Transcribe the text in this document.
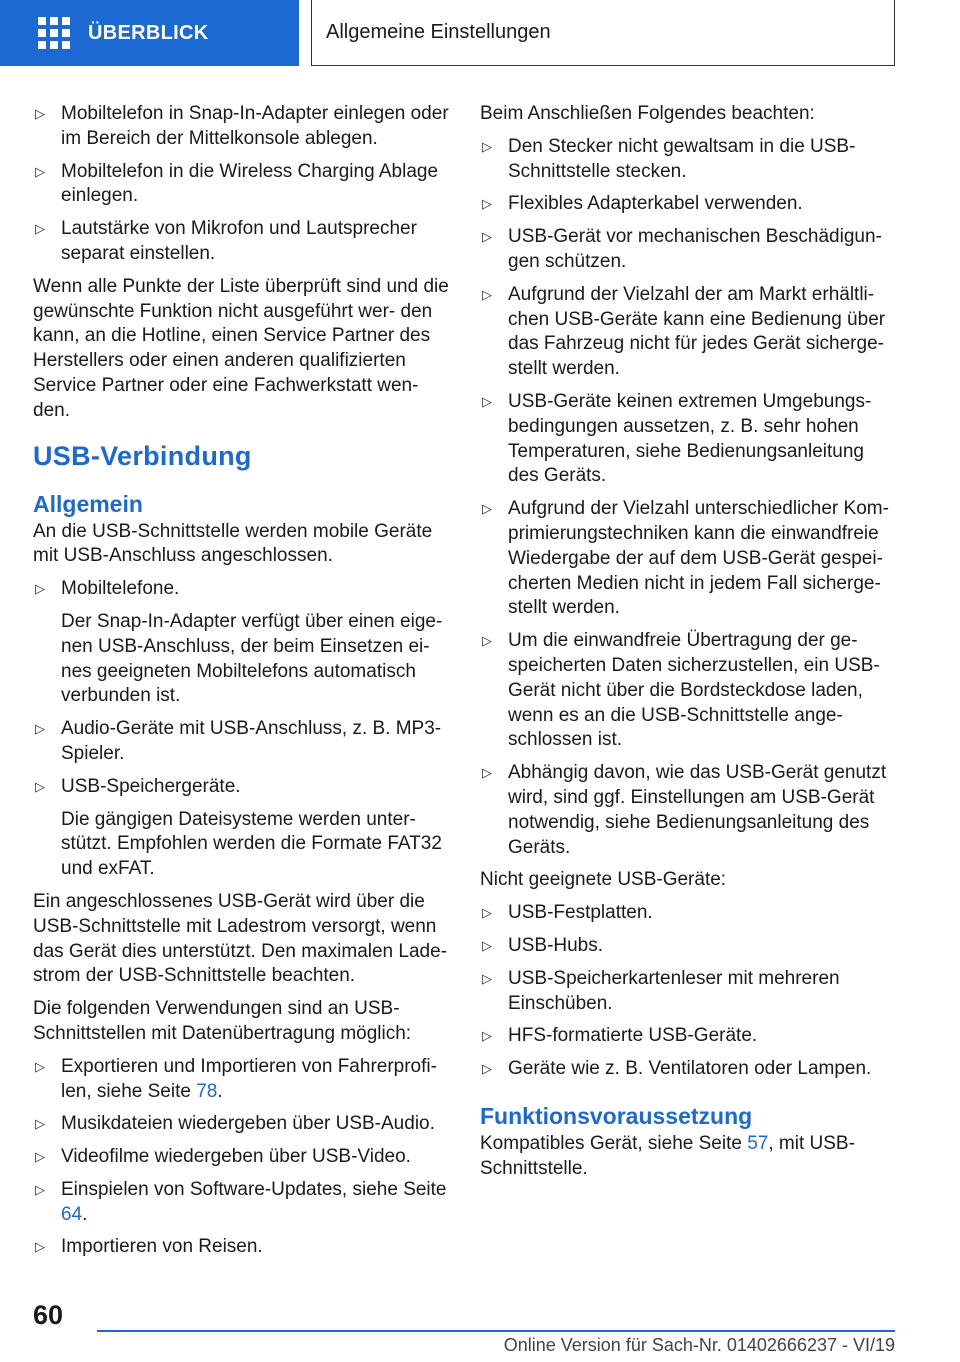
ÜBERBLICK	Allgemeine Einstellungen
▷ Mobiltelefon in Snap-In-Adapter einlegen oder im Bereich der Mittelkonsole ablegen.
▷ Mobiltelefon in die Wireless Charging Ablage einlegen.
▷ Lautstärke von Mikrofon und Lautsprecher separat einstellen.

Wenn alle Punkte der Liste überprüft sind und die gewünschte Funktion nicht ausgeführt wer- den kann, an die Hotline, einen Service Partner des Herstellers oder einen anderen qualifizierten Service Partner oder eine Fachwerkstatt wen- den.

USB-Verbindung
Allgemein

An die USB-Schnittstelle werden mobile Geräte mit USB-Anschluss angeschlossen.

▷ Mobiltelefone.
Der Snap-In-Adapter verfügt über einen eige- nen USB-Anschluss, der beim Einsetzen ei- nes geeigneten Mobiltelefons automatisch verbunden ist.
▷ Audio-Geräte mit USB-Anschluss, z. B. MP3- Spieler.
▷ USB-Speichergeräte.
Die gängigen Dateisysteme werden unter- stützt. Empfohlen werden die Formate FAT32 und exFAT.

Ein angeschlossenes USB-Gerät wird über die USB-Schnittstelle mit Ladestrom versorgt, wenn das Gerät dies unterstützt. Den maximalen Lade- strom der USB-Schnittstelle beachten.

Die folgenden Verwendungen sind an USB- Schnittstellen mit Datenübertragung möglich:

▷ Exportieren und Importieren von Fahrerprofi- len, siehe Seite 78.
▷ Musikdateien wiedergeben über USB-Audio.
▷ Videofilme wiedergeben über USB-Video.
▷ Einspielen von Software-Updates, siehe Seite 64.
▷ Importieren von Reisen.

Beim Anschließen Folgendes beachten:

▷ Den Stecker nicht gewaltsam in die USB- Schnittstelle stecken.
▷ Flexibles Adapterkabel verwenden.
▷ USB-Gerät vor mechanischen Beschädigun- gen schützen.
▷ Aufgrund der Vielzahl der am Markt erhältli- chen USB-Geräte kann eine Bedienung über das Fahrzeug nicht für jedes Gerät sicherge- stellt werden.
▷ USB-Geräte keinen extremen Umgebungs- bedingungen aussetzen, z. B. sehr hohen Temperaturen, siehe Bedienungsanleitung des Geräts.
▷ Aufgrund der Vielzahl unterschiedlicher Kom- primierungstechniken kann die einwandfreie Wiedergabe der auf dem USB-Gerät gespei- cherten Medien nicht in jedem Fall sicherge- stellt werden.
▷ Um die einwandfreie Übertragung der ge- speicherten Daten sicherzustellen, ein USB- Gerät nicht über die Bordsteckdose laden, wenn es an die USB-Schnittstelle ange- schlossen ist.
▷ Abhängig davon, wie das USB-Gerät genutzt wird, sind ggf. Einstellungen am USB-Gerät notwendig, siehe Bedienungsanleitung des Geräts.

Nicht geeignete USB-Geräte:

▷ USB-Festplatten.
▷ USB-Hubs.
▷ USB-Speicherkartenleser mit mehreren Einschüben.
▷ HFS-formatierte USB-Geräte.
▷ Geräte wie z. B. Ventilatoren oder Lampen.
Funktionsvoraussetzung

Kompatibles Gerät, siehe Seite 57, mit USB- Schnittstelle.

60
Online Version für Sach-Nr. 01402666237 - VI/19
